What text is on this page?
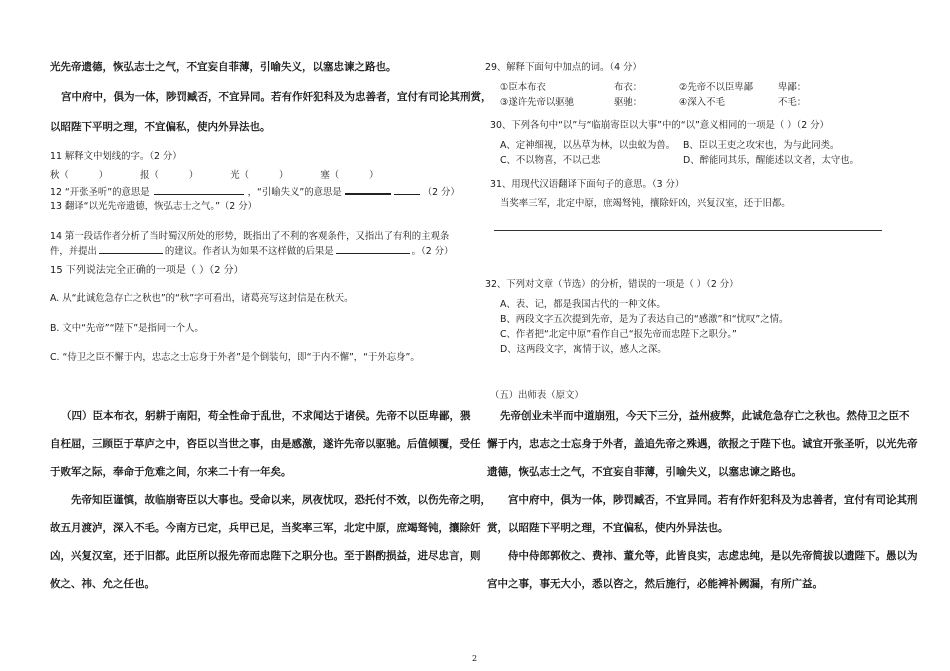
光先帝遗德，恢弘志士之气，不宜妄自菲薄，引喻失义，以塞忠谏之路也。
宫中府中，俱为一体，陟罚臧否，不宜异同。若有作奸犯科及为忠善者，宜付有司论其刑赏，
以昭陛下平明之理，不宜偏私，使内外异法也。
11 解释文中划线的字。（2 分）
秋（	）	报（	）	光（	）	塞（	）
12 “开张圣听”的意思是	，“引喻失义”的意思是	（2 分）
13 翻译“以光先帝遗德，恢弘志士之气。”（2 分）
14 第一段话作者分析了当时蜀汉所处的形势，既指出了不利的客观条件，又指出了有利的主观条
件，并提出	的建议。作者认为如果不这样做的后果是	。（2 分）
15 下列说法完全正确的一项是（ ）（2 分）
A. 从“此诚危急存亡之秋也”的“秋”字可看出，诸葛亮写这封信是在秋天。
B. 文中“先帝”“陛下”是指同一个人。
C. “侍卫之臣不懈于内，忠志之士忘身于外者”是个倒装句，即“于内不懈”，“于外忘身”。
（四）臣本布衣，躬耕于南阳，苟全性命于乱世，不求闻达于诸侯。先帝不以臣卑鄙，猥
自枉屈，三顾臣于草庐之中，咨臣以当世之事，由是感激，遂许先帝以驱驰。后值倾覆，受任
于败军之际，奉命于危难之间，尔来二十有一年矣。
先帝知臣谨慎，故临崩寄臣以大事也。受命以来，夙夜忧叹，恐托付不效，以伤先帝之明，
故五月渡泸，深入不毛。今南方已定，兵甲已足，当奖率三军，北定中原，庶竭驽钝，攘除奸
凶，兴复汉室，还于旧都。此臣所以报先帝而忠陛下之职分也。至于斟酌损益，进尽忠言，则
攸之、祎、允之任也。
29、解释下面句中加点的词。（4 分）
①臣本布衣	布衣：	②先帝不以臣卑鄙	卑鄙：
③遂许先帝以驱驰	驱驰：	④深入不毛	不毛：
30、下列各句中“以”与“临崩寄臣以大事”中的“以”意义相同的一项是（ ）（2 分）
A、定神细视，以丛草为林，以虫蚁为兽。 B、臣以王吏之攻宋也，为与此同类。
C、不以物喜，不以己悲	D、醉能同其乐，醒能述以文者，太守也。
31、用现代汉语翻译下面句子的意思。（3 分）
当奖率三军，北定中原，庶竭驽钝，攘除奸凶，兴复汉室，还于旧都。
32、下列对文章（节选）的分析，错误的一项是（ ）（2 分）
A、表、记，都是我国古代的一种文体。
B、两段文字五次提到先帝，是为了表达自己的“感激”和“忧叹”之情。
C、作者把“北定中原”看作自己“报先帝而忠陛下之职分。”
D、这两段文字，寓情于议，感人之深。
（五）出师表（原文）
先帝创业未半而中道崩殂，今天下三分，益州疲弊，此诚危急存亡之秋也。然侍卫之臣不
懈于内，忠志之士忘身于外者，盖追先帝之殊遇，欲报之于陛下也。诚宜开张圣听，以光先帝
遗德，恢弘志士之气，不宜妄自菲薄，引喻失义，以塞忠谏之路也。
宫中府中，俱为一体，陟罚臧否，不宜异同。若有作奸犯科及为忠善者，宜付有司论其刑
赏，以昭陛下平明之理，不宜偏私，使内外异法也。
侍中侍郎郭攸之、费祎、董允等，此皆良实，志虑忠纯，是以先帝简拔以遗陛下。愚以为
宫中之事，事无大小，悉以咨之，然后施行，必能裨补阙漏，有所广益。
2
